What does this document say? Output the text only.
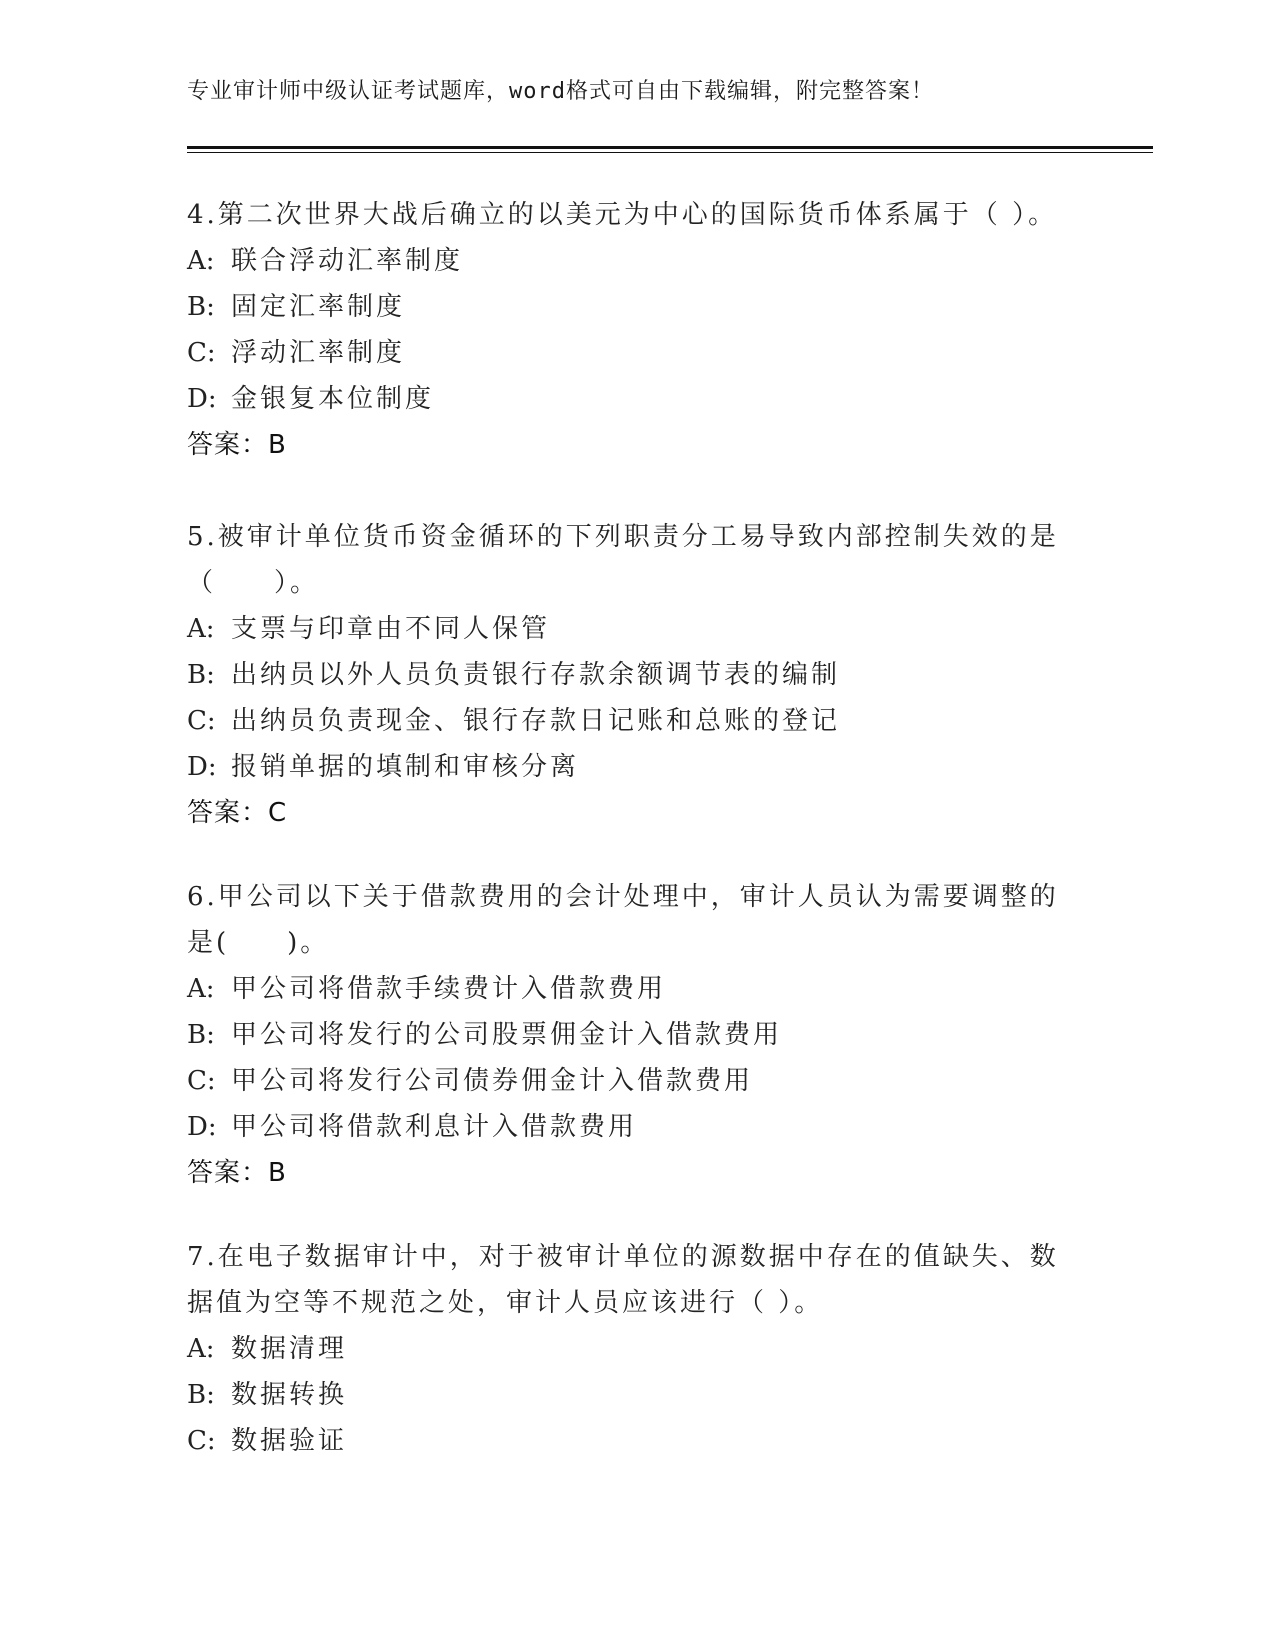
专业审计师中级认证考试题库，word格式可自由下载编辑，附完整答案！

4.第二次世界大战后确立的以美元为中心的国际货币体系属于（ ）。

A: 联合浮动汇率制度

B: 固定汇率制度

C: 浮动汇率制度

D: 金银复本位制度

答案：B

5.被审计单位货币资金循环的下列职责分工易导致内部控制失效的是（　　）。

A: 支票与印章由不同人保管

B: 出纳员以外人员负责银行存款余额调节表的编制

C: 出纳员负责现金、银行存款日记账和总账的登记

D: 报销单据的填制和审核分离

答案：C

6.甲公司以下关于借款费用的会计处理中，审计人员认为需要调整的是(　　)。

A: 甲公司将借款手续费计入借款费用

B: 甲公司将发行的公司股票佣金计入借款费用

C: 甲公司将发行公司债券佣金计入借款费用

D: 甲公司将借款利息计入借款费用

答案：B

7.在电子数据审计中，对于被审计单位的源数据中存在的值缺失、数据值为空等不规范之处，审计人员应该进行（ ）。

A: 数据清理

B: 数据转换

C: 数据验证
